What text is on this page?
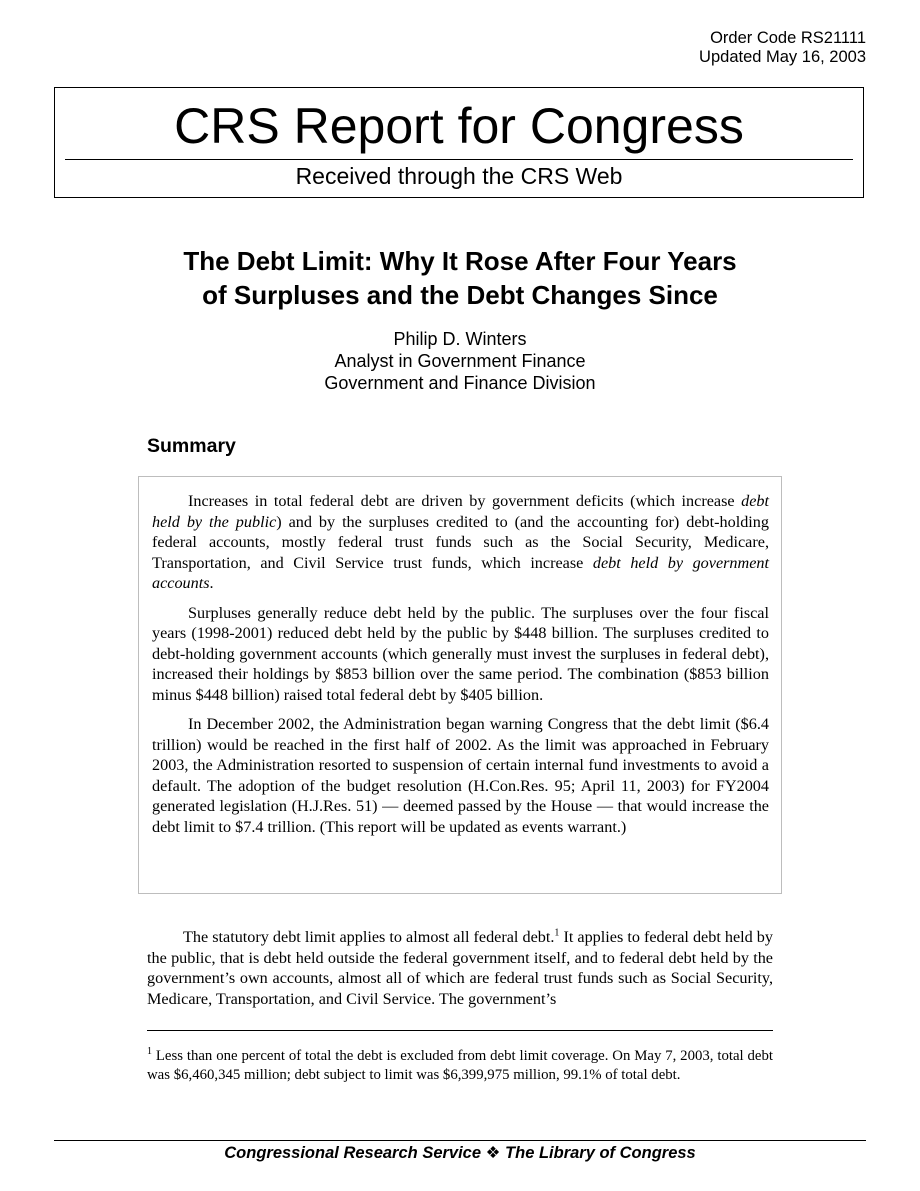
Order Code RS21111
Updated May 16, 2003
CRS Report for Congress
Received through the CRS Web
The Debt Limit: Why It Rose After Four Years
of Surpluses and the Debt Changes Since
Philip D. Winters
Analyst in Government Finance
Government and Finance Division
Summary

Increases in total federal debt are driven by government deficits (which increase debt held by the public) and by the surpluses credited to (and the accounting for) debt-holding federal accounts, mostly federal trust funds such as the Social Security, Medicare, Transportation, and Civil Service trust funds, which increase debt held by government accounts.

Surpluses generally reduce debt held by the public. The surpluses over the four fiscal years (1998-2001) reduced debt held by the public by $448 billion. The surpluses credited to debt-holding government accounts (which generally must invest the surpluses in federal debt), increased their holdings by $853 billion over the same period. The combination ($853 billion minus $448 billion) raised total federal debt by $405 billion.

In December 2002, the Administration began warning Congress that the debt limit ($6.4 trillion) would be reached in the first half of 2002. As the limit was approached in February 2003, the Administration resorted to suspension of certain internal fund investments to avoid a default. The adoption of the budget resolution (H.Con.Res. 95; April 11, 2003) for FY2004 generated legislation (H.J.Res. 51) — deemed passed by the House — that would increase the debt limit to $7.4 trillion. (This report will be updated as events warrant.)

The statutory debt limit applies to almost all federal debt.$^1$ It applies to federal debt held by the public, that is debt held outside the federal government itself, and to federal debt held by the government’s own accounts, almost all of which are federal trust funds such as Social Security, Medicare, Transportation, and Civil Service. The government’s

$^1$ Less than one percent of total the debt is excluded from debt limit coverage. On May 7, 2003, total debt was $6,460,345 million; debt subject to limit was $6,399,975 million, 99.1% of total debt.

Congressional Research Service ❖ The Library of Congress
